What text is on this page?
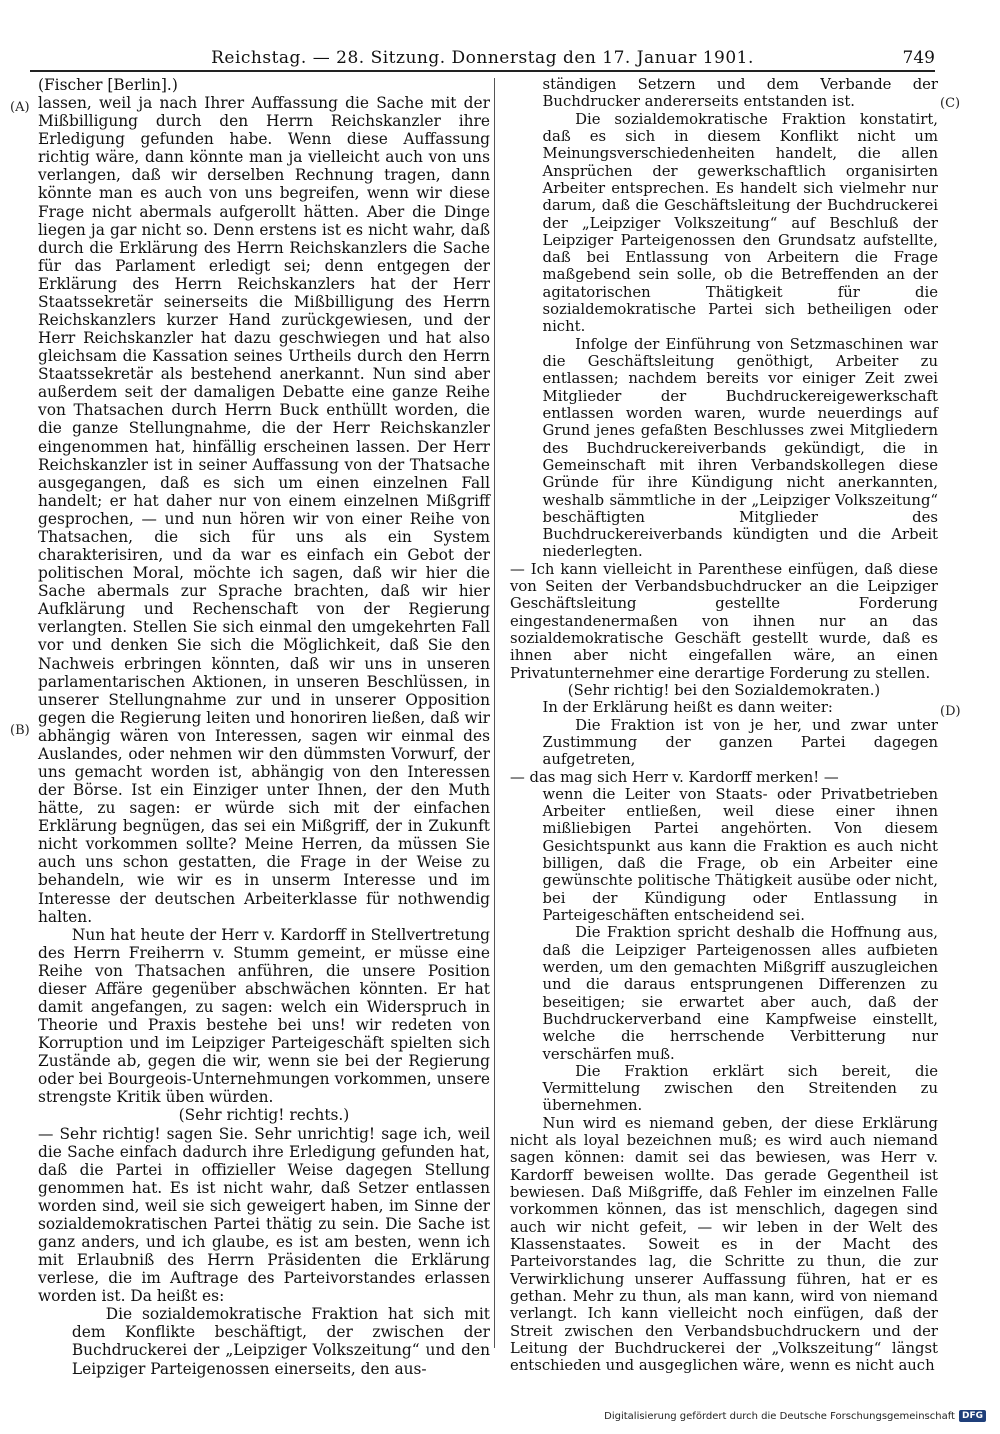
Reichstag. — 28. Sitzung. Donnerstag den 17. Januar 1901.	749
(A)
(B)
(C)
(D)

(Fischer [Berlin].)

lassen, weil ja nach Ihrer Auffassung die Sache mit der Mißbilligung durch den Herrn Reichskanzler ihre Erledigung gefunden habe. Wenn diese Auffassung richtig wäre, dann könnte man ja vielleicht auch von uns verlangen, daß wir derselben Rechnung tragen, dann könnte man es auch von uns begreifen, wenn wir diese Frage nicht abermals aufgerollt hätten. Aber die Dinge liegen ja gar nicht so. Denn erstens ist es nicht wahr, daß durch die Erklärung des Herrn Reichskanzlers die Sache für das Parlament erledigt sei; denn entgegen der Erklärung des Herrn Reichskanzlers hat der Herr Staatssekretär seinerseits die Mißbilligung des Herrn Reichskanzlers kurzer Hand zurückgewiesen, und der Herr Reichskanzler hat dazu geschwiegen und hat also gleichsam die Kassation seines Urtheils durch den Herrn Staatssekretär als bestehend anerkannt. Nun sind aber außerdem seit der damaligen Debatte eine ganze Reihe von Thatsachen durch Herrn Buck enthüllt worden, die die ganze Stellungnahme, die der Herr Reichskanzler eingenommen hat, hinfällig erscheinen lassen. Der Herr Reichskanzler ist in seiner Auffassung von der Thatsache ausgegangen, daß es sich um einen einzelnen Fall handelt; er hat daher nur von einem einzelnen Mißgriff gesprochen, — und nun hören wir von einer Reihe von Thatsachen, die sich für uns als ein System charakterisiren, und da war es einfach ein Gebot der politischen Moral, möchte ich sagen, daß wir hier die Sache abermals zur Sprache brachten, daß wir hier Aufklärung und Rechenschaft von der Regierung verlangten. Stellen Sie sich einmal den umgekehrten Fall vor und denken Sie sich die Möglichkeit, daß Sie den Nachweis erbringen könnten, daß wir uns in unseren parlamentarischen Aktionen, in unseren Beschlüssen, in unserer Stellungnahme zur und in unserer Opposition gegen die Regierung leiten und honoriren ließen, daß wir abhängig wären von Interessen, sagen wir einmal des Auslandes, oder nehmen wir den dümmsten Vorwurf, der uns gemacht worden ist, abhängig von den Interessen der Börse. Ist ein Einziger unter Ihnen, der den Muth hätte, zu sagen: er würde sich mit der einfachen Erklärung begnügen, das sei ein Mißgriff, der in Zukunft nicht vorkommen sollte? Meine Herren, da müssen Sie auch uns schon gestatten, die Frage in der Weise zu behandeln, wie wir es in unserm Interesse und im Interesse der deutschen Arbeiterklasse für nothwendig halten.

Nun hat heute der Herr v. Kardorff in Stellvertretung des Herrn Freiherrn v. Stumm gemeint, er müsse eine Reihe von Thatsachen anführen, die unsere Position dieser Affäre gegenüber abschwächen könnten. Er hat damit angefangen, zu sagen: welch ein Widerspruch in Theorie und Praxis bestehe bei uns! wir redeten von Korruption und im Leipziger Parteigeschäft spielten sich Zustände ab, gegen die wir, wenn sie bei der Regierung oder bei Bourgeois-Unternehmungen vorkommen, unsere strengste Kritik üben würden.

(Sehr richtig! rechts.)

— Sehr richtig! sagen Sie. Sehr unrichtig! sage ich, weil die Sache einfach dadurch ihre Erledigung gefunden hat, daß die Partei in offizieller Weise dagegen Stellung genommen hat. Es ist nicht wahr, daß Setzer entlassen worden sind, weil sie sich geweigert haben, im Sinne der sozialdemokratischen Partei thätig zu sein. Die Sache ist ganz anders, und ich glaube, es ist am besten, wenn ich mit Erlaubniß des Herrn Präsidenten die Erklärung verlese, die im Auftrage des Parteivorstandes erlassen worden ist. Da heißt es:

Die sozialdemokratische Fraktion hat sich mit dem Konflikte beschäftigt, der zwischen der Buchdruckerei der „Leipziger Volkszeitung“ und den Leipziger Parteigenossen einerseits, den aus-

ständigen Setzern und dem Verbande der Buchdrucker andererseits entstanden ist.

Die sozialdemokratische Fraktion konstatirt, daß es sich in diesem Konflikt nicht um Meinungsverschiedenheiten handelt, die allen Ansprüchen der gewerkschaftlich organisirten Arbeiter entsprechen. Es handelt sich vielmehr nur darum, daß die Geschäftsleitung der Buchdruckerei der „Leipziger Volkszeitung“ auf Beschluß der Leipziger Parteigenossen den Grundsatz aufstellte, daß bei Entlassung von Arbeitern die Frage maßgebend sein solle, ob die Betreffenden an der agitatorischen Thätigkeit für die sozialdemokratische Partei sich betheiligen oder nicht.

Infolge der Einführung von Setzmaschinen war die Geschäftsleitung genöthigt, Arbeiter zu entlassen; nachdem bereits vor einiger Zeit zwei Mitglieder der Buchdruckereigewerkschaft entlassen worden waren, wurde neuerdings auf Grund jenes gefaßten Beschlusses zwei Mitgliedern des Buchdruckereiverbands gekündigt, die in Gemeinschaft mit ihren Verbandskollegen diese Gründe für ihre Kündigung nicht anerkannten, weshalb sämmtliche in der „Leipziger Volkszeitung“ beschäftigten Mitglieder des Buchdruckereiverbands kündigten und die Arbeit niederlegten.

— Ich kann vielleicht in Parenthese einfügen, daß diese von Seiten der Verbandsbuchdrucker an die Leipziger Geschäftsleitung gestellte Forderung eingestandenermaßen von ihnen nur an das sozialdemokratische Geschäft gestellt wurde, daß es ihnen aber nicht eingefallen wäre, an einen Privatunternehmer eine derartige Forderung zu stellen.

(Sehr richtig! bei den Sozialdemokraten.)

In der Erklärung heißt es dann weiter:

Die Fraktion ist von je her, und zwar unter Zustimmung der ganzen Partei dagegen aufgetreten,

— das mag sich Herr v. Kardorff merken! —

wenn die Leiter von Staats- oder Privatbetrieben Arbeiter entließen, weil diese einer ihnen mißliebigen Partei angehörten. Von diesem Gesichtspunkt aus kann die Fraktion es auch nicht billigen, daß die Frage, ob ein Arbeiter eine gewünschte politische Thätigkeit ausübe oder nicht, bei der Kündigung oder Entlassung in Parteigeschäften entscheidend sei.

Die Fraktion spricht deshalb die Hoffnung aus, daß die Leipziger Parteigenossen alles aufbieten werden, um den gemachten Mißgriff auszugleichen und die daraus entsprungenen Differenzen zu beseitigen; sie erwartet aber auch, daß der Buchdruckerverband eine Kampfweise einstellt, welche die herrschende Verbitterung nur verschärfen muß.

Die Fraktion erklärt sich bereit, die Vermittelung zwischen den Streitenden zu übernehmen.

Nun wird es niemand geben, der diese Erklärung nicht als loyal bezeichnen muß; es wird auch niemand sagen können: damit sei das bewiesen, was Herr v. Kardorff beweisen wollte. Das gerade Gegentheil ist bewiesen. Daß Mißgriffe, daß Fehler im einzelnen Falle vorkommen können, das ist menschlich, dagegen sind auch wir nicht gefeit, — wir leben in der Welt des Klassenstaates. Soweit es in der Macht des Parteivorstandes lag, die Schritte zu thun, die zur Verwirklichung unserer Auffassung führen, hat er es gethan. Mehr zu thun, als man kann, wird von niemand verlangt. Ich kann vielleicht noch einfügen, daß der Streit zwischen den Verbandsbuchdruckern und der Leitung der Buchdruckerei der „Volkszeitung“ längst entschieden und ausgeglichen wäre, wenn es nicht auch

Digitalisierung gefördert durch die Deutsche Forschungsgemeinschaft DFG
